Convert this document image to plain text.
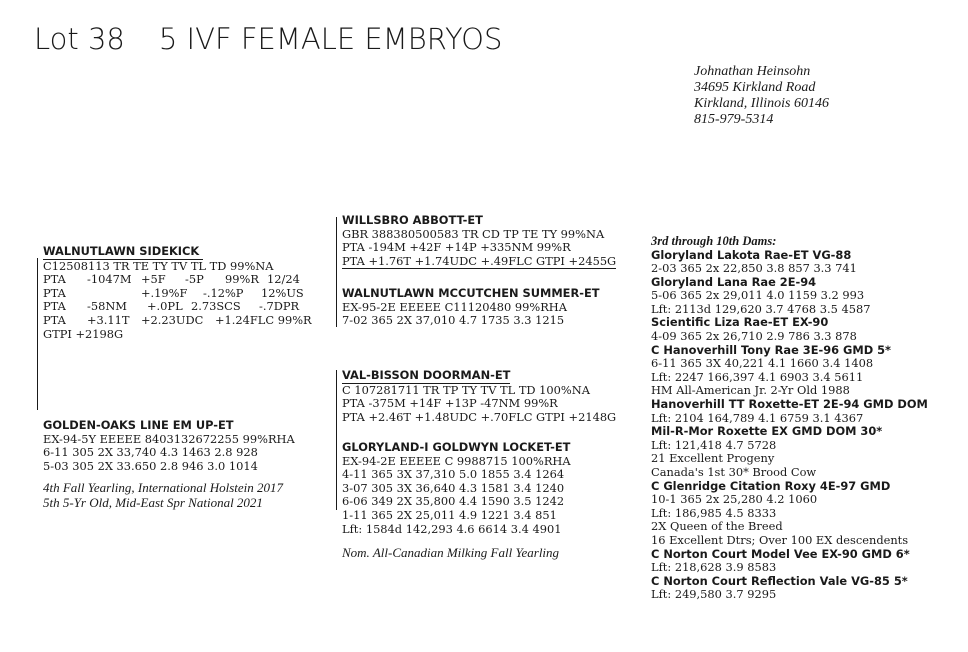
Lot 38 5 IVF FEMALE EMBRYOS
Johnathan Heinsohn
34695 Kirkland Road
Kirkland, Illinois 60146
815-979-5314
WALNUTLAWN SIDEKICK
C12508113 TR TE TY TV TL TD 99%NA
PTA -1047M +5F -5P 99%R 12/24
PTA	+.19%F -.12%P 12%US
PTA -58NM +.0PL 2.73SCS -.7DPR
PTA +3.11T +2.23UDC +1.24FLC 99%R
GTPI +2198G
WILLSBRO ABBOTT-ET
GBR 388380500583 TR CD TP TE TY 99%NA
PTA -194M +42F +14P +335NM 99%R
PTA +1.76T +1.74UDC +.49FLC GTPI +2455G
WALNUTLAWN MCCUTCHEN SUMMER-ET
EX-95-2E EEEEE C11120480 99%RHA
7-02 365 2X 37,010 4.7 1735 3.3 1215
GOLDEN-OAKS LINE EM UP-ET
EX-94-5Y EEEEE 8403132672255 99%RHA
6-11 305 2X 33,740 4.3 1463 2.8 928
5-03 305 2X 33.650 2.8 946 3.0 1014
4th Fall Yearling, International Holstein 2017
5th 5-Yr Old, Mid-East Spr National 2021
VAL-BISSON DOORMAN-ET
C 107281711 TR TP TY TV TL TD 100%NA
PTA -375M +14F +13P -47NM 99%R
PTA +2.46T +1.48UDC +.70FLC GTPI +2148G
GLORYLAND-I GOLDWYN LOCKET-ET
EX-94-2E EEEEE C 9988715 100%RHA
4-11 365 3X 37,310 5.0 1855 3.4 1264
3-07 305 3X 36,640 4.3 1581 3.4 1240
6-06 349 2X 35,800 4.4 1590 3.5 1242
1-11 365 2X 25,011 4.9 1221 3.4 851
Lft: 1584d 142,293 4.6 6614 3.4 4901
Nom. All-Canadian Milking Fall Yearling
3rd through 10th Dams:
Gloryland Lakota Rae-ET VG-88
2-03 365 2x 22,850 3.8 857 3.3 741
Gloryland Lana Rae 2E-94
5-06 365 2x 29,011 4.0 1159 3.2 993
Lft: 2113d 129,620 3.7 4768 3.5 4587
Scientific Liza Rae-ET EX-90
4-09 365 2x 26,710 2.9 786 3.3 878
C Hanoverhill Tony Rae 3E-96 GMD 5*
6-11 365 3X 40,221 4.1 1660 3.4 1408
Lft: 2247 166,397 4.1 6903 3.4 5611
HM All-American Jr. 2-Yr Old 1988
Hanoverhill TT Roxette-ET 2E-94 GMD DOM
Lft: 2104 164,789 4.1 6759 3.1 4367
Mil-R-Mor Roxette EX GMD DOM 30*
Lft: 121,418 4.7 5728
21 Excellent Progeny
Canada's 1st 30* Brood Cow
C Glenridge Citation Roxy 4E-97 GMD
10-1 365 2x 25,280 4.2 1060
Lft: 186,985 4.5 8333
2X Queen of the Breed
16 Excellent Dtrs; Over 100 EX descendents
C Norton Court Model Vee EX-90 GMD 6*
Lft: 218,628 3.9 8583
C Norton Court Reflection Vale VG-85 5*
Lft: 249,580 3.7 9295
